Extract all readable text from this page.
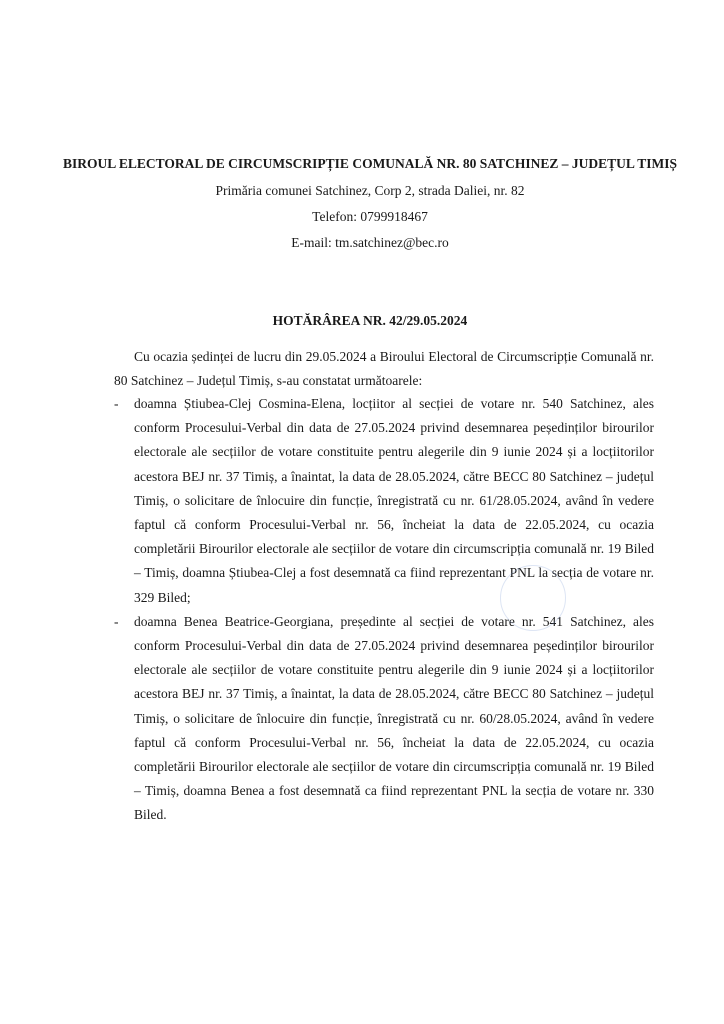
BIROUL ELECTORAL DE CIRCUMSCRIPȚIE COMUNALĂ NR. 80 SATCHINEZ – JUDEȚUL TIMIȘ

Primăria comunei Satchinez, Corp 2, strada Daliei, nr. 82

Telefon: 0799918467

E-mail: tm.satchinez@bec.ro

HOTĂRÂREA NR. 42/29.05.2024

Cu ocazia ședinței de lucru din 29.05.2024 a Biroului Electoral de Circumscripție Comunală nr. 80 Satchinez – Județul Timiș, s-au constatat următoarele:

- doamna Știubea-Clej Cosmina-Elena, locțiitor al secției de votare nr. 540 Satchinez, ales conform Procesului-Verbal din data de 27.05.2024 privind desemnarea peședinților birourilor electorale ale secțiilor de votare constituite pentru alegerile din 9 iunie 2024 și a locțiitorilor acestora BEJ nr. 37 Timiș, a înaintat, la data de 28.05.2024, către BECC 80 Satchinez – județul Timiș, o solicitare de înlocuire din funcție, înregistrată cu nr. 61/28.05.2024, având în vedere faptul că conform Procesului-Verbal nr. 56, încheiat la data de 22.05.2024, cu ocazia completării Birourilor electorale ale secțiilor de votare din circumscripția comunală nr. 19 Biled – Timiș, doamna Știubea-Clej a fost desemnată ca fiind reprezentant PNL la secția de votare nr. 329 Biled;
- doamna Benea Beatrice-Georgiana, președinte al secției de votare nr. 541 Satchinez, ales conform Procesului-Verbal din data de 27.05.2024 privind desemnarea peședinților birourilor electorale ale secțiilor de votare constituite pentru alegerile din 9 iunie 2024 și a locțiitorilor acestora BEJ nr. 37 Timiș, a înaintat, la data de 28.05.2024, către BECC 80 Satchinez – județul Timiș, o solicitare de înlocuire din funcție, înregistrată cu nr. 60/28.05.2024, având în vedere faptul că conform Procesului-Verbal nr. 56, încheiat la data de 22.05.2024, cu ocazia completării Birourilor electorale ale secțiilor de votare din circumscripția comunală nr. 19 Biled – Timiș, doamna Benea a fost desemnată ca fiind reprezentant PNL la secția de votare nr. 330 Biled.
